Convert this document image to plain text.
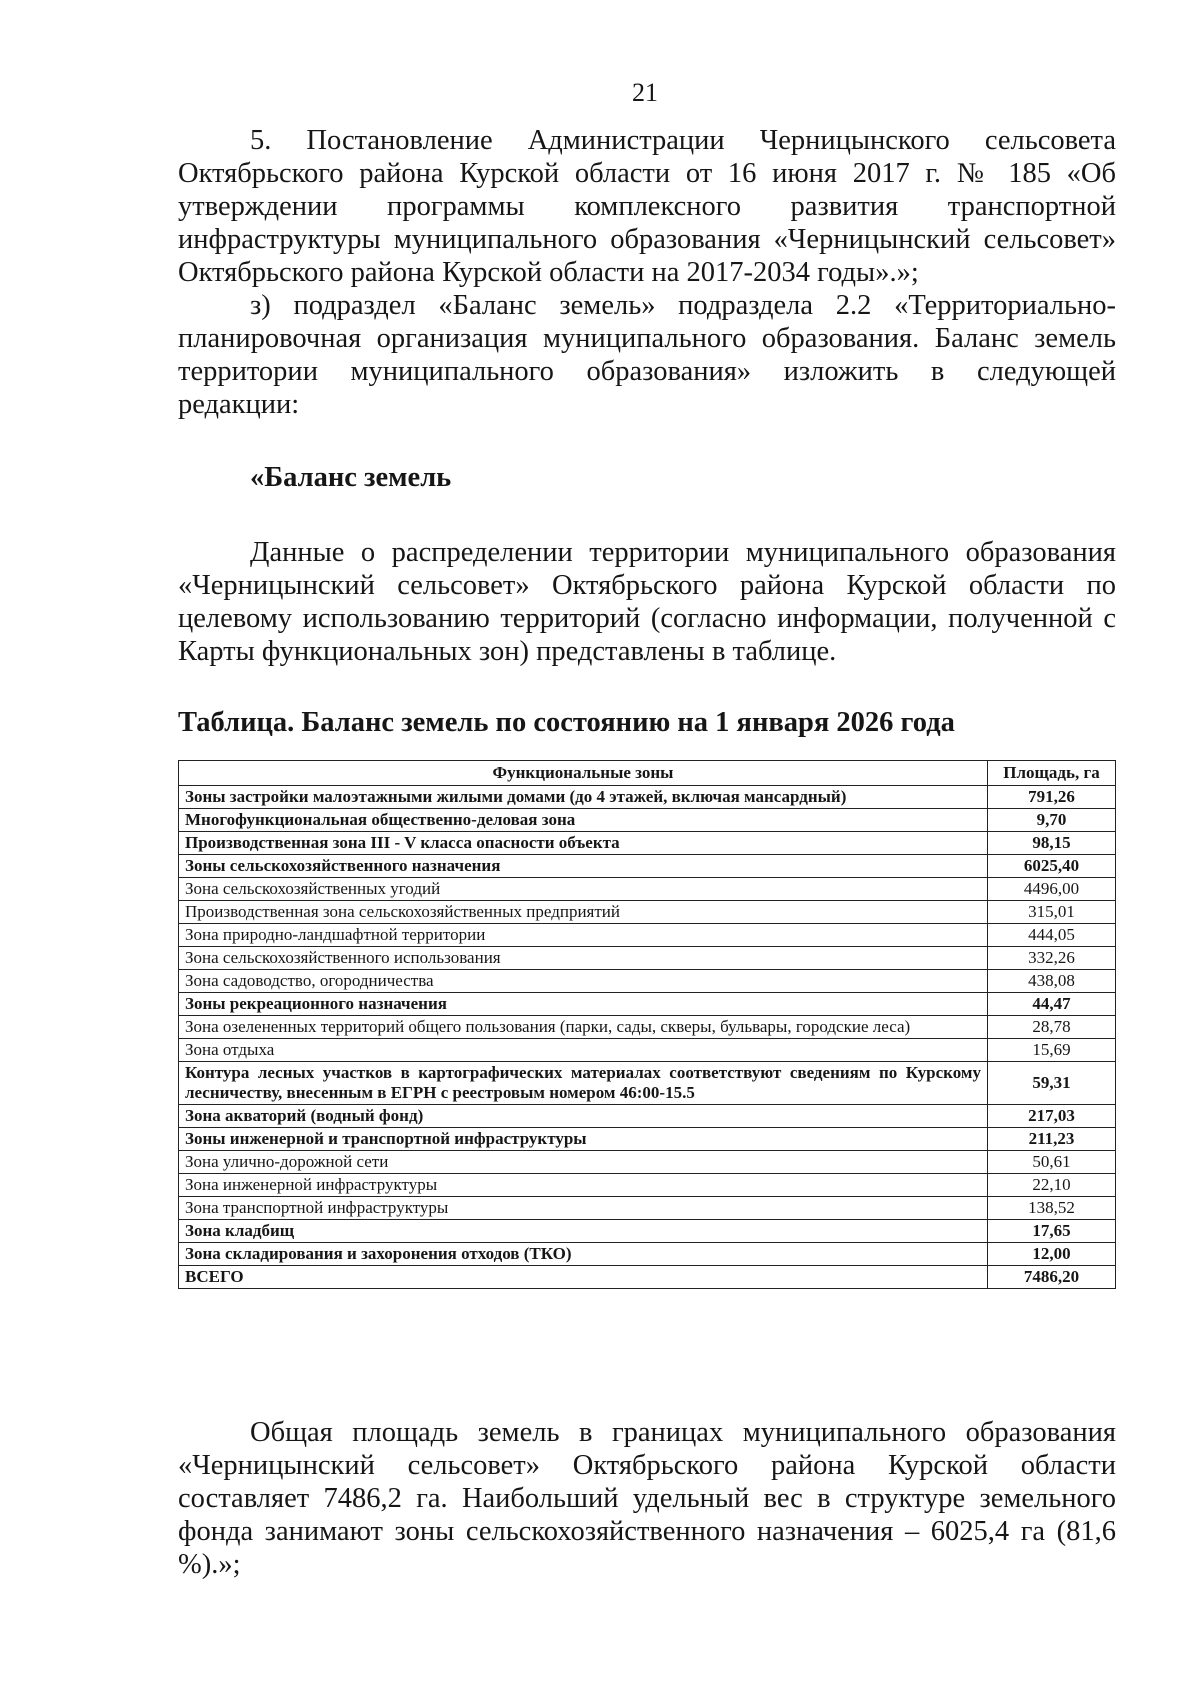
21

5. Постановление Администрации Черницынского сельсовета Октябрьского района Курской области от 16 июня 2017 г. № 185 «Об утверждении программы комплексного развития транспортной инфраструктуры муниципального образования «Черницынский сельсовет» Октябрьского района Курской области на 2017-2034 годы».»;

з) подраздел «Баланс земель» подраздела 2.2 «Территориально-планировочная организация муниципального образования. Баланс земель территории муниципального образования» изложить в следующей редакции:

«Баланс земель

Данные о распределении территории муниципального образования «Черницынский сельсовет» Октябрьского района Курской области по целевому использованию территорий (согласно информации, полученной с Карты функциональных зон) представлены в таблице.

Таблица. Баланс земель по состоянию на 1 января 2026 года

Функциональные зоны	Площадь, га
Зоны застройки малоэтажными жилыми домами (до 4 этажей, включая мансардный)	791,26
Многофункциональная общественно-деловая зона	9,70
Производственная зона III - V класса опасности объекта	98,15
Зоны сельскохозяйственного назначения	6025,40
Зона сельскохозяйственных угодий	4496,00
Производственная зона сельскохозяйственных предприятий	315,01
Зона природно-ландшафтной территории	444,05
Зона сельскохозяйственного использования	332,26
Зона садоводство, огородничества	438,08
Зоны рекреационного назначения	44,47
Зона озелененных территорий общего пользования (парки, сады, скверы, бульвары, городские леса)	28,78
Зона отдыха	15,69
Контура лесных участков в картографических материалах соответствуют сведениям по Курскому лесничеству, внесенным в ЕГРН с реестровым номером 46:00-15.5	59,31
Зона акваторий (водный фонд)	217,03
Зоны инженерной и транспортной инфраструктуры	211,23
Зона улично-дорожной сети	50,61
Зона инженерной инфраструктуры	22,10
Зона транспортной инфраструктуры	138,52
Зона кладбищ	17,65
Зона складирования и захоронения отходов (ТКО)	12,00
ВСЕГО	7486,20

Общая площадь земель в границах муниципального образования «Черницынский сельсовет» Октябрьского района Курской области составляет 7486,2 га. Наибольший удельный вес в структуре земельного фонда занимают зоны сельскохозяйственного назначения – 6025,4 га (81,6 %).»;
